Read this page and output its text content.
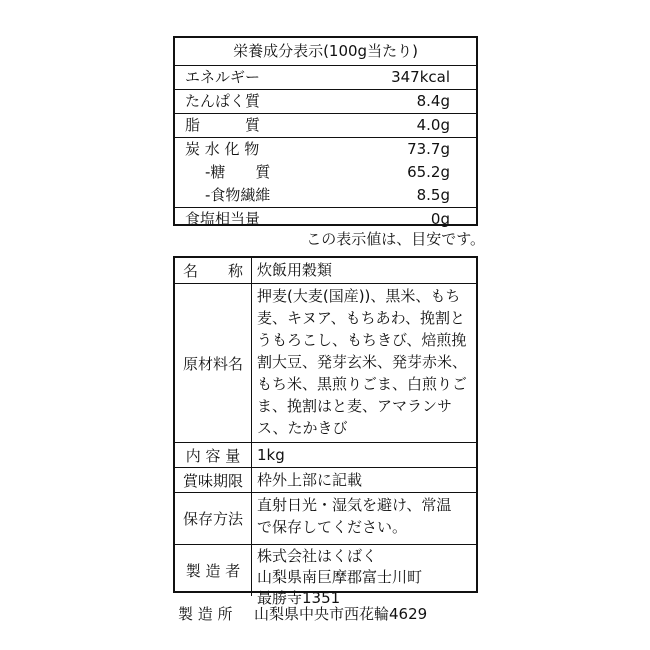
栄養成分表示(100g当たり)
エネルギー	347kcal
たんぱく質	8.4g
脂　　　質	4.0g
炭 水 化 物	73.7g
-糖　　質	65.2g
-食物繊維	8.5g
食塩相当量	0g
この表示値は、目安です。
名　　称 炊飯用穀類
原材料名
押麦(大麦(国産))、黒米、もち
麦、キヌア、もちあわ、挽割と
うもろこし、もちきび、焙煎挽
割大豆、発芽玄米、発芽赤米、
もち米、黒煎りごま、白煎りご
ま、挽割はと麦、アマランサ
ス、たかきび
内 容 量	1kg
賞味期限 枠外上部に記載
保存方法
直射日光・湿気を避け、常温
で保存してください。
製 造 者
株式会社はくばく
山梨県南巨摩郡富士川町
最勝寺1351
製 造 所 山梨県中央市西花輪4629
